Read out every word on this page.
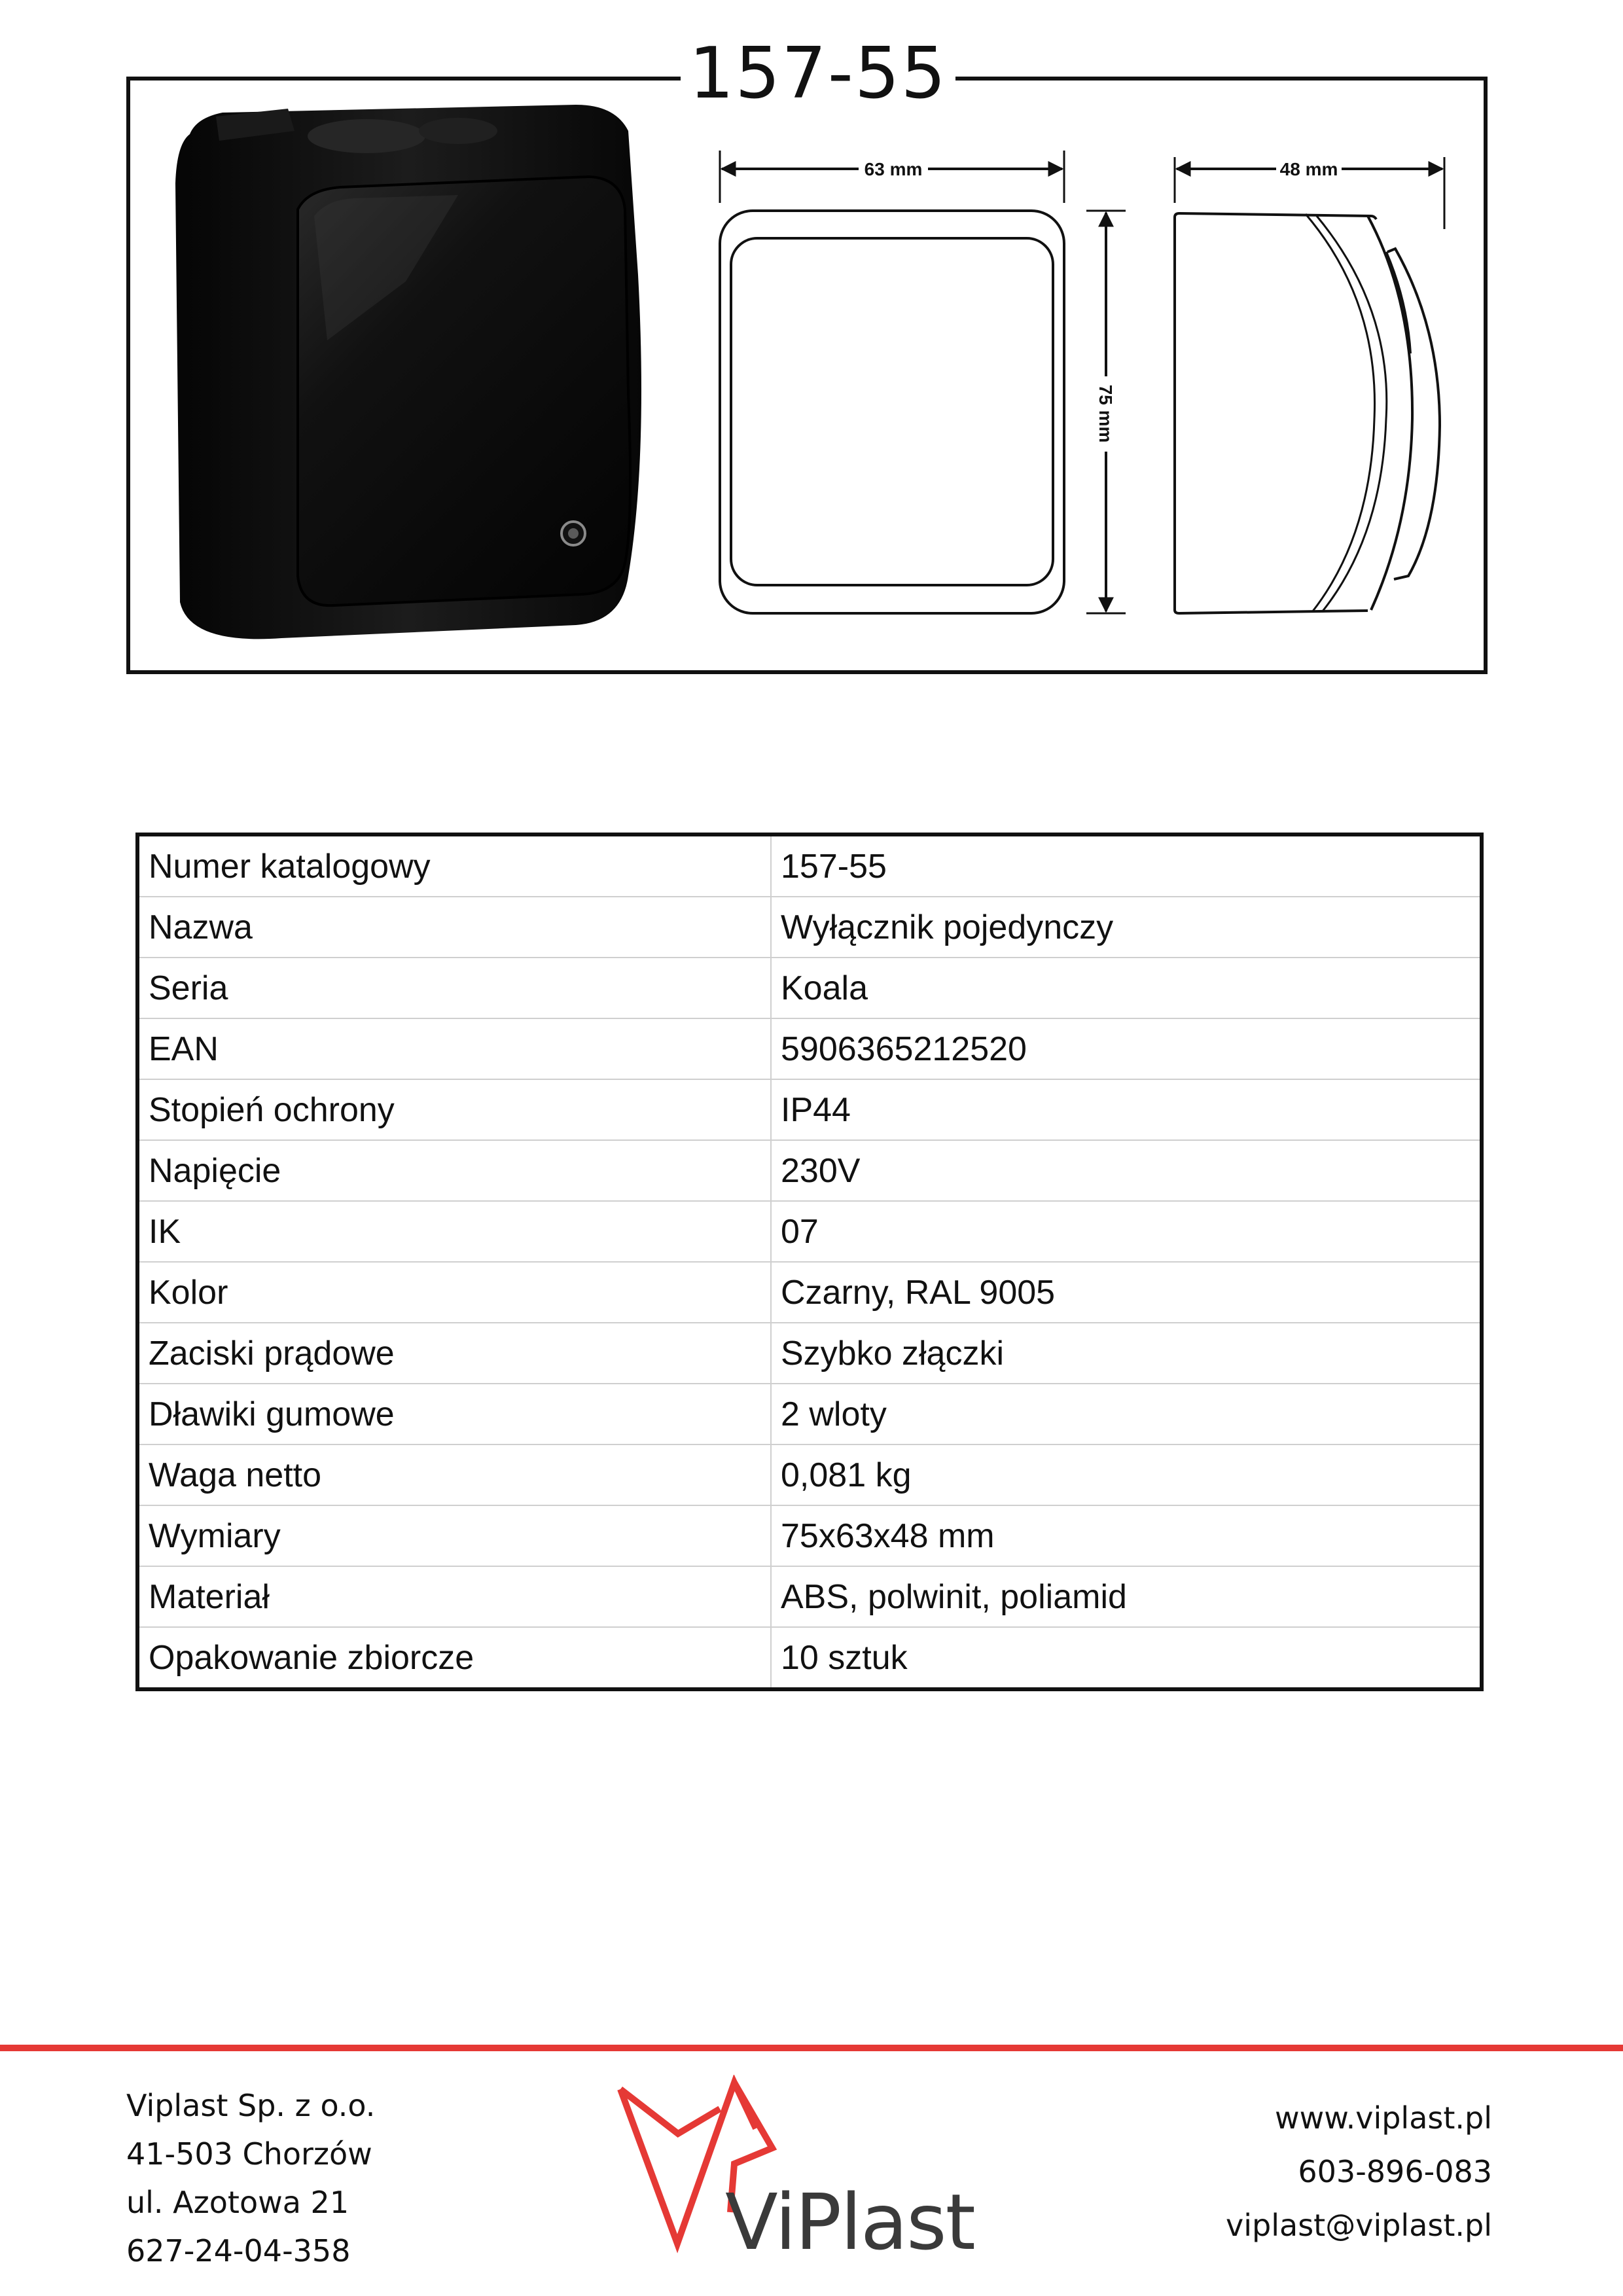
63 mm
75 mm
48 mm
157-55
Numer katalogowy	157-55
Nazwa	Wyłącznik pojedynczy
Seria	Koala
EAN	5906365212520
Stopień ochrony	IP44
Napięcie	230V
IK	07
Kolor	Czarny, RAL 9005
Zaciski prądowe	Szybko złączki
Dławiki gumowe	2 wloty
Waga netto	0,081 kg
Wymiary	75x63x48 mm
Materiał	ABS, polwinit, poliamid
Opakowanie zbiorcze	10 sztuk
Viplast Sp. z o.o.
41-503 Chorzów
ul. Azotowa 21
627-24-04-358	ViPlast
www.viplast.pl
603-896-083
viplast@viplast.pl
